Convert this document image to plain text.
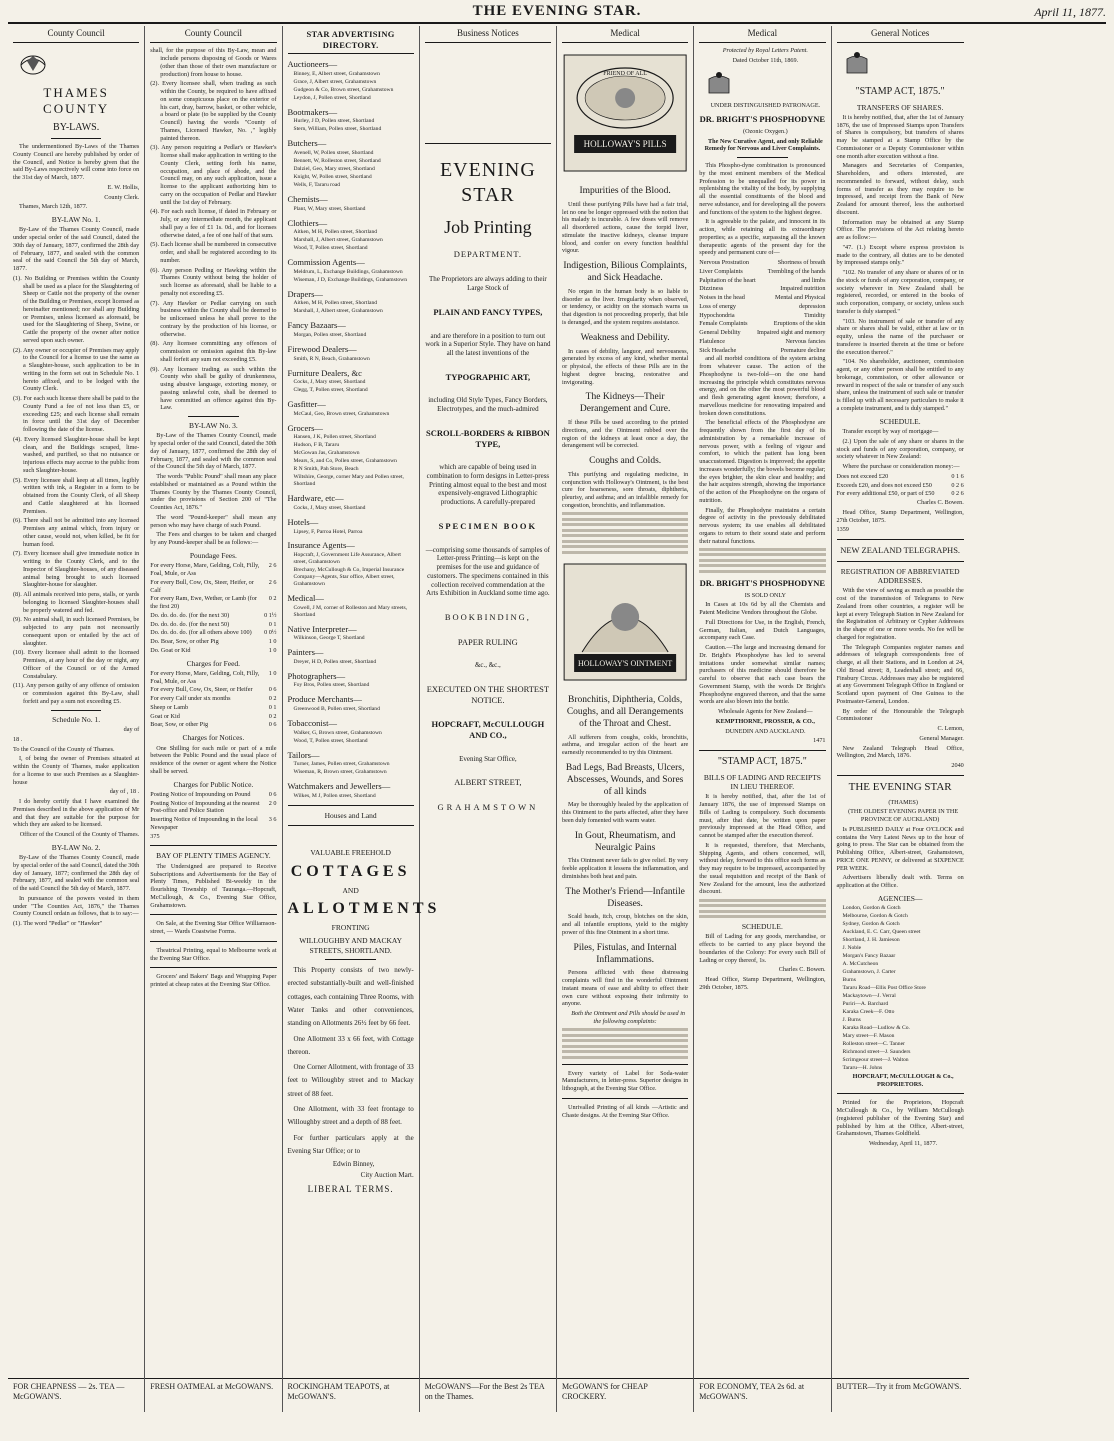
THE EVENING STAR.	April 11, 1877.
County Council
THAMES COUNTY
BY-LAWS.

The undermentioned By-Laws of the Thames County Council are hereby published by order of the Council, and Notice is hereby given that the said By-Laws respectively will come into force on the 31st day of March, 1877.

E. W. Hollis,

County Clerk.

Thames, March 12th, 1877.

BY-LAW No. 1.

By-Law of the Thames County Council, made under special order of the said Council, dated the 30th day of January, 1877, confirmed the 28th day of February, 1877, and sealed with the common seal of the said Council the 5th day of March, 1877.

(1). No Building or Premises within the County shall be used as a place for the Slaughtering of Sheep or Cattle not the property of the owner of the Building or Premises, except licensed as hereinafter mentioned; nor shall any Building or Premises, unless licensed as aforesaid, be used for the Slaughtering of Sheep, Swine, or Cattle the property of the owner after notice served upon such owner.

(2). Any owner or occupier of Premises may apply to the Council for a license to use the same as a Slaughter-house, such application to be in writing in the form set out in Schedule No. 1 hereto affixed, and to be lodged with the County Clerk.

(3). For each such license there shall be paid to the County Fund a fee of not less than £5, or exceeding £25; and each license shall remain in force until the 31st day of December following the date of the license.

(4). Every licensed Slaughter-house shall be kept clean, and the Buildings scraped, lime-washed, and purified, so that no nuisance or injurious effects may accrue to the public from such Slaughter-house.

(5). Every licensee shall keep at all times, legibly written with ink, a Register in a form to be obtained from the County Clerk, of all Sheep and Cattle slaughtered at his licensed Premises.

(6). There shall not be admitted into any licensed Premises any animal which, from injury or other cause, would not, when killed, be fit for human food.

(7). Every licensee shall give immediate notice in writing to the County Clerk, and to the Inspector of Slaughter-houses, of any diseased animal being brought to such licensed Slaughter-house for slaughter.

(8). All animals received into pens, stalls, or yards belonging to licensed Slaughter-houses shall be properly watered and fed.

(9). No animal shall, in such licensed Premises, be subjected to any pain not necessarily consequent upon or entailed by the act of slaughter.

(10). Every licensee shall admit to the licensed Premises, at any hour of the day or night, any Officer of the Council or of the Armed Constabulary.

(11). Any person guilty of any offence of omission or commission against this By-Law, shall forfeit and pay a sum not exceeding £5.

Schedule No. 1.

day of

18 .

To the Council of the County of Thames.

I, of being the owner of Premises situated at within the County of Thames, make application for a license to use such Premises as a Slaughter-house

day of , 18 .

I do hereby certify that I have examined the Premises described in the above application of Mr and that they are suitable for the purpose for which they are asked to be licensed.

Officer of the Council of the County of Thames.

BY-LAW No. 2.

By-Law of the Thames County Council, made by special order of the said Council, dated the 30th day of January, 1877; confirmed the 28th day of February, 1877, and sealed with the common seal of the said Council the 5th day of March, 1877.

In pursuance of the powers vested in them under "The Counties Act, 1876," the Thames County Council ordain as follows, that is to say:—

(1). The word "Pedlar" or "Hawker"

FOR CHEAPNESS — 2s. TEA — McGOWAN'S.
County Council

shall, for the purpose of this By-Law, mean and include persons disposing of Goods or Wares (other than those of their own manufacture or production) from house to house.

(2). Every licensee shall, when trading as such within the County, be required to have affixed on some conspicuous place on the exterior of his cart, dray, barrow, basket, or other vehicle, a board or plate (to be supplied by the County Council) having the words "County of Thames, Licensed Hawker, No. ," legibly painted thereon.

(3). Any person requiring a Pedlar's or Hawker's license shall make application in writing to the County Clerk, setting forth his name, occupation, and place of abode, and the Council may, on any such application, issue a license to the applicant authorizing him to carry on the occupation of Pedlar and Hawker until the 1st day of February.

(4). For each such license, if dated in February or July, or any intermediate month, the applicant shall pay a fee of £1 1s. 0d., and for licenses otherwise dated, a fee of one half of that sum.

(5). Each license shall be numbered in consecutive order, and shall be registered according to its number.

(6). Any person Pedling or Hawking within the Thames County without being the holder of such license as aforesaid, shall be liable to a penalty not exceeding £5.

(7). Any Hawker or Pedlar carrying on such business within the County shall be deemed to be unlicensed unless he shall prove to the contrary by the production of his license, or otherwise.

(8). Any licensee committing any offences of commission or omission against this By-law shall forfeit any sum not exceeding £5.

(9). Any licensee trading as such within the County who shall be guilty of drunkenness, using abusive language, extorting money, or passing unlawful coin, shall be deemed to have committed an offence against this By-Law.

BY-LAW No. 3.

By-Law of the Thames County Council, made by special order of the said Council, dated the 30th day of January, 1877, confirmed the 28th day of February, 1877, and sealed with the common seal of the Council the 5th day of March, 1877.

The words "Public Pound" shall mean any place established or maintained as a Pound within the Thames County by the Thames County Council, under the provisions of Section 200 of "The Counties Act, 1876."

The word "Pound-keeper" shall mean any person who may have charge of such Pound.

The Fees and charges to be taken and charged by any Pound-keeper shall be as follows:—

Poundage Fees.
For every Horse, Mare, Gelding, Colt, Filly, Foal, Mule, or Ass
2 6
For every Bull, Cow, Ox, Steer, Heifer, or Calf
2 6
For every Ram, Ewe, Wether, or Lamb (for the first 20)
0 2
Do. do. do. do. (for the next 30)	0 1½
Do. do. do. do. (for the next 50)	0 1
Do. do. do. do. (for all others above 100)	0 0½
Do. Boar, Sow, or other Pig	1 0
Do. Goat or Kid	1 0
Charges for Feed.
For every Horse, Mare, Gelding, Colt, Filly, Foal, Mule, or Ass
1 0
For every Bull, Cow, Ox, Steer, or Heifer	0 6
For every Calf under six months	0 2
Sheep or Lamb	0 1
Goat or Kid	0 2
Boar, Sow, or other Pig	0 6
Charges for Notices.

One Shilling for each mile or part of a mile between the Public Pound and the usual place of residence of the owner or agent where the Notice shall be served.

Charges for Public Notice.
Posting Notice of Impounding on Pound	0 6
Posting Notice of Impounding at the nearest Post-office and Police Station
2 0
Inserting Notice of Impounding in the local Newspaper
3 6

375

BAY OF PLENTY TIMES AGENCY.

The Undersigned are prepared to Receive Subscriptions and Advertisements for the Bay of Plenty Times, Published Bi-weekly in the flourishing Township of Tauranga.—Hopcraft, McCullough, & Co., Evening Star Office, Grahamstown.

On Sale, at the Evening Star Office Williamson-street, — Wards Coastwise Forms.

Theatrical Printing, equal to Melbourne work at the Evening Star Office.

Grocers' and Bakers' Bags and Wrapping Paper printed at cheap rates at the Evening Star Office.

FRESH OATMEAL at McGOWAN'S.
STAR ADVERTISING DIRECTORY.
Auctioneers—
Binney, E, Albert street, Grahamstown
Grace, J, Albert street, Grahamstown
Gudgeon & Co, Brown street, Grahamstown
Leydon, J, Pollen street, Shortland
Bootmakers—
Hurley, J D, Pollen street, Shortland
Stern, William, Pollen street, Shortland
Butchers—
Avenell, W, Pollen street, Shortland
Bennett, W, Rolleston street, Shortland
Dalziel, Geo, Mary street, Shortland
Knight, W, Pollen street, Shortland
Wells, F, Tararu road
Chemists—
Plant, W, Mary street, Shortland
Clothiers—
Aitken, M H, Pollen street, Shortland
Marshall, J, Albert street, Grahamstown
Wood, T, Pollen street, Shortland
Commission Agents—
Meldrum, L, Exchange Buildings, Grahamstown
Wiseman, J D, Exchange Buildings, Grahamstown
Drapers—
Aitken, M H, Pollen street, Shortland
Marshall, J, Albert street, Grahamstown
Fancy Bazaars—
Morgan, Pollen street, Shortland
Firewood Dealers—
Smith, R N, Beach, Grahamstown
Furniture Dealers, &c
Cocks, J, Mary street, Shortland
Clegg, T, Pollen street, Shortland
Gasfitter—
McCaul, Geo, Brown street, Grahamstown
Grocers—
Hansen, J K, Pollen street, Shortland
Hudson, F B, Tararu
McGowan Jas, Grahamstown
Mears, S, and Co, Pollen street, Grahamstown
R N Smith, Pah Store, Beach
Wiltshire, George, corner Mary and Pollen street, Shortland
Hardware, etc—
Cocks, J, Mary street, Shortland
Hotels—
Lipsey, F, Parroa Hotel, Parroa
Insurance Agents—
Hopcraft, J, Government Life Assurance, Albert street, Grahamstown
Brechany, McCullough & Co, Imperial Insurance Company—Agents, Star office, Albert street, Grahamstown
Medical—
Cowell, J M, corner of Rolleston and Mary streets, Shortland
Native Interpreter—
Wilkinson, George T, Shortland
Painters—
Dreyer, H D, Pollen street, Shortland
Photographers—
Foy Bros, Pollen street, Shortland
Produce Merchants—
Greenwood B, Pollen street, Shortland
Tobacconist—
Walker, G, Brown street, Grahamstown
Wood, T, Pollen street, Shortland
Tailors—
Turner, James, Pollen street, Grahamstown
Wiseman, R, Brown street, Grahamstown
Watchmakers and Jewellers—
Wilkes, M J, Pollen street, Shortland
Houses and Land
VALUABLE FREEHOLD
COTTAGES
AND
ALLOTMENTS
FRONTING
WILLOUGHBY AND MACKAY STREETS, SHORTLAND.

This Property consists of two newly-erected substantially-built and well-finished cottages, each containing Three Rooms, with Water Tanks and other conveniences, standing on Allotments 26½ feet by 66 feet.

One Allotment 33 x 66 feet, with Cottage thereon.

One Corner Allotment, with frontage of 33 feet to Willoughby street and to Mackay street of 88 feet.

One Allotment, with 33 feet frontage to Willoughby street and a depth of 88 feet.

For further particulars apply at the Evening Star Office; or to

Edwin Binney,

City Auction Mart.

LIBERAL TERMS.
ROCKINGHAM TEAPOTS, at McGOWAN'S.
Business Notices
EVENING STAR
Job Printing
DEPARTMENT.
The Proprietors are always adding to their Large Stock of
PLAIN AND FANCY TYPES,
and are therefore in a position to turn out work in a Superior Style. They have on hand all the latest inventions of the
TYPOGRAPHIC ART,
including Old Style Types, Fancy Borders, Electrotypes, and the much-admired
SCROLL-BORDERS & RIBBON TYPE,
which are capable of being used in combination to form designs in Letter-press Printing almost equal to the best and most expensively-engraved Lithographic productions. A carefully-prepared
SPECIMEN BOOK
—comprising some thousands of samples of Letter-press Printing—is kept on the premises for the use and guidance of customers. The specimens contained in this collection received commendation at the Arts Exhibition in Auckland some time ago.
BOOKBINDING,
PAPER RULING
&c., &c.,
EXECUTED ON THE SHORTEST NOTICE.
HOPCRAFT, McCULLOUGH AND CO.,
Evening Star Office,
ALBERT STREET,
GRAHAMSTOWN
McGOWAN'S—For the Best 2s TEA on the Thames.
Medical
HOLLOWAY'S PILLS
FRIEND OF ALL
Impurities of the Blood.

Until these purifying Pills have had a fair trial, let no one be longer oppressed with the notion that his malady is incurable. A few doses will remove all disordered actions, cause the torpid liver, stimulate the inactive kidneys, cleanse impure blood, and confer on every function healthful vigour.

Indigestion, Bilious Complaints, and Sick Headache.

No organ in the human body is so liable to disorder as the liver. Irregularity when observed, or tendency, or acidity on the stomach warns us that digestion is not proceeding properly, that bile is deranged, and the system requires assistance.

Weakness and Debility.

In cases of debility, languor, and nervousness, generated by excess of any kind, whether mental or physical, the effects of these Pills are in the highest degree bracing, restorative and invigorating.

The Kidneys—Their Derangement and Cure.

If these Pills be used according to the printed directions, and the Ointment rubbed over the region of the kidneys at least once a day, the derangement will be corrected.

Coughs and Colds.

This purifying and regulating medicine, in conjunction with Holloway's Ointment, is the best cure for hoarseness, sore throats, diphtheria, pleurisy, and asthma; and an infallible remedy for congestion, bronchitis, and inflammation.

HOLLOWAY'S OINTMENT
Bronchitis, Diphtheria, Colds, Coughs, and all Derangements of the Throat and Chest.

All sufferers from coughs, colds, bronchitis, asthma, and irregular action of the heart are earnestly recommended to try this Ointment.

Bad Legs, Bad Breasts, Ulcers, Abscesses, Wounds, and Sores of all kinds

May be thoroughly healed by the application of this Ointment to the parts affected, after they have been duly fomented with warm water.

In Gout, Rheumatism, and Neuralgic Pains

This Ointment never fails to give relief. By very feeble application it lessens the inflammation, and diminishes both heat and pain.

The Mother's Friend—Infantile Diseases.

Scald heads, itch, croup, blotches on the skin, and all infantile eruptions, yield to the mighty power of this fine Ointment in a short time.

Piles, Fistulas, and Internal Inflammations.

Persons afflicted with these distressing complaints will find in the wonderful Ointment instant means of ease and ability to effect their own cure without exposing their infirmity to anyone.

Both the Ointment and Pills should be used in the following complaints:

Every variety of Label for Soda-water Manufacturers, in letter-press. Superior designs in lithograph, at the Evening Star Office.

Unrivalled Printing of all kinds —Artistic and Chaste designs. At the Evening Star Office.

McGOWAN'S for CHEAP CROCKERY.
Medical

Protected by Royal Letters Patent.

Dated October 11th, 1869.

UNDER DISTINGUISHED PATRONAGE.

DR. BRIGHT'S PHOSPHODYNE

(Ozonic Oxygen.)

The New Curative Agent, and only Reliable Remedy for Nervous and Liver Complaints.

This Phospho-dyne combination is pronounced by the most eminent members of the Medical Profession to be unequalled for its power in replenishing the vitality of the body, by supplying all the essential constituents of the blood and nerve substance, and for developing all the powers and functions of the system to the highest degree.

It is agreeable to the palate, and innocent in its action, while retaining all its extraordinary properties; as a specific, surpassing all the known therapeutic agents of the present day for the speedy and permanent cure of—

Nervous Prostration	Shortness of breath
Liver Complaints	Trembling of the hands
Palpitation of the heart	and limbs
Dizziness	Impaired nutrition
Noises in the head	Mental and Physical
Loss of energy	depression
Hypochondria	Timidity
Female Complaints	Eruptions of the skin
General Debility	Impaired sight and memory
Flatulence	Nervous fancies
Sick Headache	Premature decline

and all morbid conditions of the system arising from whatever cause. The action of the Phosphodyne is two-fold—on the one hand increasing the principle which constitutes nervous energy, and on the other the most powerful blood and flesh generating agent known; therefore, a marvellous medicine for renovating impaired and broken down constitutions.

The beneficial effects of the Phosphodyne are frequently shown from the first day of its administration by a remarkable increase of nervous power, with a feeling of vigour and comfort, to which the patient has long been unaccustomed. Digestion is improved; the appetite increases wonderfully; the bowels become regular; the eyes brighter, the skin clear and healthy; and the hair acquires strength, showing the importance of the action of the Phosphodyne on the organs of nutrition.

Finally, the Phosphodyne maintains a certain degree of activity in the previously debilitated nervous system; its use enables all debilitated organs to return to their sound state and perform their natural functions.

DR. BRIGHT'S PHOSPHODYNE

IS SOLD ONLY

In Cases at 10s 6d by all the Chemists and Patent Medicine Vendors throughout the Globe.

Full Directions for Use, in the English, French, German, Italian, and Dutch Languages, accompany each Case.

Caution.—The large and increasing demand for Dr. Bright's Phosphodyne has led to several imitations under somewhat similar names; purchasers of this medicine should therefore be careful to observe that each case bears the Government Stamp, with the words Dr Bright's Phosphodyne engraved thereon, and that the same words are also blown into the bottle.

Wholesale Agents for New Zealand—

KEMPTHORNE, PROSSER, & CO.,

DUNEDIN AND AUCKLAND.

1471

"STAMP ACT, 1875."
BILLS OF LADING AND RECEIPTS IN LIEU THEREOF.

It is hereby notified, that, after the 1st of January 1876, the use of impressed Stamps on Bills of Lading is compulsory. Such documents must, after that date, be written upon paper previously impressed at the Head Office, and cannot be stamped after the execution thereof.

It is requested, therefore, that Merchants, Shipping Agents, and others concerned, will, without delay, forward to this office such forms as they may require to be impressed, accompanied by the usual requisition and receipt of the Bank of New Zealand for the amount, less the authorized discount.

SCHEDULE.

Bill of Lading for any goods, merchandise, or effects to be carried to any place beyond the boundaries of the Colony: For every such Bill of Lading or copy thereof, 1s.

Charles C. Bowen.

Head Office, Stamp Department, Wellington, 29th October, 1875.

FOR ECONOMY, TEA 2s 6d. at McGOWAN'S.
General Notices
"STAMP ACT, 1875."
TRANSFERS OF SHARES.

It is hereby notified, that, after the 1st of January 1876, the use of Impressed Stamps upon Transfers of Shares is compulsory, but transfers of shares may be stamped at a Stamp Office by the Commissioner or a Deputy Commissioner within one month after execution without a fine.

Managers and Secretaries of Companies, Shareholders, and others interested, are recommended to forward, without delay, such forms of transfer as they may require to be impressed, and receipt from the Bank of New Zealand for amount thereof, less the authorised discount.

Information may be obtained at any Stamp Office. The provisions of the Act relating hereto are as follow:—

"47. (1.) Except where express provision is made to the contrary, all duties are to be denoted by impressed stamps only."

"102. No transfer of any share or shares of or in the stock or funds of any corporation, company, or society wherever in New Zealand shall be registered, recorded, or entered in the books of such corporation, company, or society, unless such transfer is duly stamped."

"103. No instrument of sale or transfer of any share or shares shall be valid, either at law or in equity, unless the name of the purchaser or transferee is inserted therein at the time or before the execution thereof."

"104. No shareholder, auctioneer, commission agent, or any other person shall be entitled to any brokerage, commission, or other allowance or reward in respect of the sale or transfer of any such share, unless the instrument of such sale or transfer is filled up with all necessary particulars to make it a complete instrument, and is duly stamped."

SCHEDULE.

Transfer except by way of mortgage—

(2.) Upon the sale of any share or shares in the stock and funds of any corporation, company, or society whatever in New Zealand:

Where the purchase or consideration money:—

Does not exceed £20	0 1 6
Exceeds £20, and does not exceed £50	0 2 6
For every additional £50, or part of £50	0 2 6

Charles C. Bowen.

Head Office, Stamp Department, Wellington, 27th October, 1875.

1359

NEW ZEALAND TELEGRAPHS.
REGISTRATION OF ABBREVIATED ADDRESSES.

With the view of saving as much as possible the cost of the transmission of Telegrams to New Zealand from other countries, a register will be kept at every Telegraph Station in New Zealand for the Registration of Arbitrary or Cypher Addresses in the shape of one or more words. No fee will be charged for registration.

The Telegraph Companies register names and addresses of telegraph correspondents free of charge, at all their Stations, and in London at 24, Old Broad street; 8, Leadenhall street; and 66, Finsbury Circus. Addresses may also be registered at any Government Telegraph Office in England or Scotland upon payment of One Guinea to the Postmaster-General, London.

By order of the Honourable the Telegraph Commissioner

C. Lemon,

General Manager.

New Zealand Telegraph Head Office, Wellington, 2nd March, 1876.

2040

THE EVENING STAR

(THAMES)

(THE OLDEST EVENING PAPER IN THE PROVINCE OF AUCKLAND)

Is PUBLISHED DAILY at Four O'CLOCK and contains the Very Latest News up to the hour of going to press. The Star can be obtained from the Publishing Office, Albert-street, Grahamstown, PRICE ONE PENNY, or delivered at SIXPENCE PER WEEK.

Advertisers liberally dealt with. Terms on application at the Office.

AGENCIES—
London, Gordon & Gotch
Melbourne, Gordon & Gotch
Sydney, Gordon & Gotch
Auckland, E. C. Carr, Queen street
Shortland, J. H. Jamieson
J. Noble
Morgan's Fancy Bazaar
A. McCutcheon
Grahamstown, J. Carter
Burns
Tararu Road—Ellis Post Office Store
Mackaytown—J. Verral
Puriri—A. Barchard
Karaka Creek—F. Otto
J. Burns
Karaka Road—Ludlow & Co.
Mary street—F. Mason
Rolleston street—C. Tanner
Richmond street—J. Saunders
Scrimgeour street—J. Walton
Tararu—H. Johns

HOPCRAFT, McCULLOUGH & Co., PROPRIETORS.

Printed for the Proprietors, Hopcraft McCullough & Co., by William McCullough (registered publisher of the Evening Star) and published by him at the Office, Albert-street, Grahamstown, Thames Goldfield.

Wednesday, April 11, 1877.

BUTTER—Try it from McGOWAN'S.
